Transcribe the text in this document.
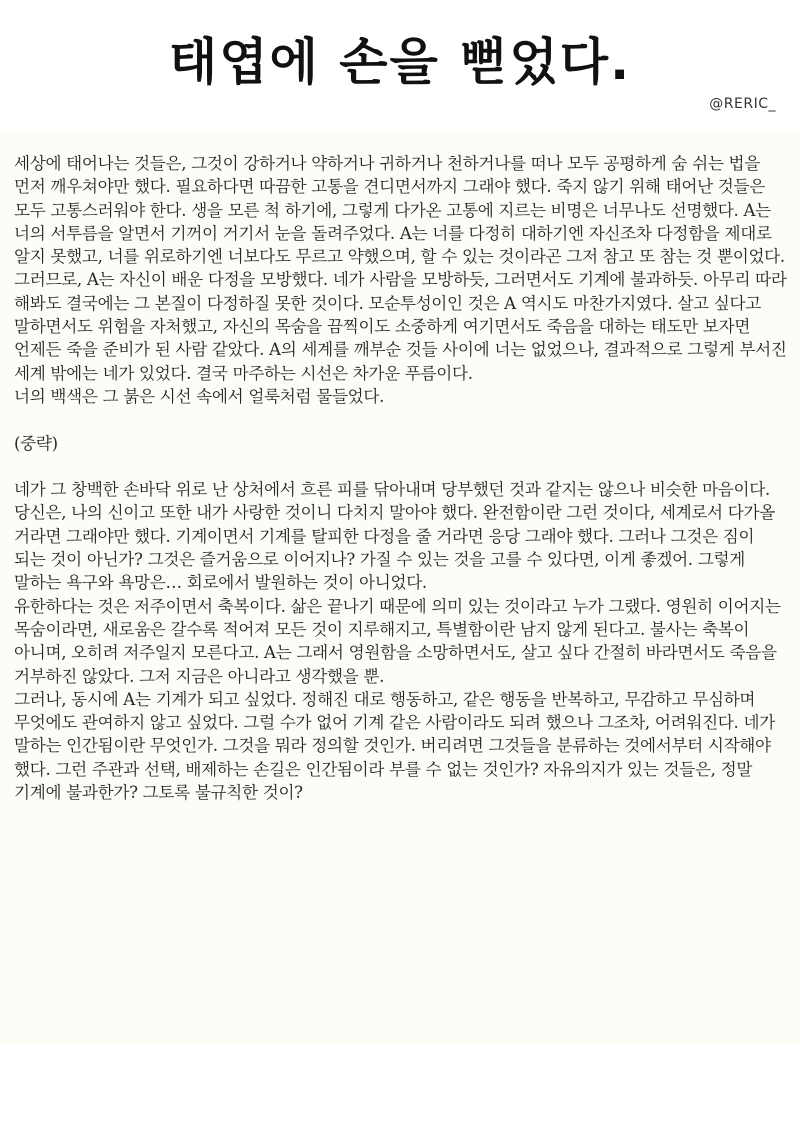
태엽에 손을 뻗었다.
@RERIC_

세상에 태어나는 것들은, 그것이 강하거나 약하거나 귀하거나 천하거나를 떠나 모두 공평하게 숨 쉬는 법을 먼저 깨우쳐야만 했다. 필요하다면 따끔한 고통을 견디면서까지 그래야 했다. 죽지 않기 위해 태어난 것들은 모두 고통스러워야 한다. 생을 모른 척 하기에, 그렇게 다가온 고통에 지르는 비명은 너무나도 선명했다. A는 너의 서투름을 알면서 기꺼이 거기서 눈을 돌려주었다. A는 너를 다정히 대하기엔 자신조차 다정함을 제대로 알지 못했고, 너를 위로하기엔 너보다도 무르고 약했으며, 할 수 있는 것이라곤 그저 참고 또 참는 것 뿐이었다.

그러므로, A는 자신이 배운 다정을 모방했다. 네가 사람을 모방하듯, 그러면서도 기계에 불과하듯. 아무리 따라 해봐도 결국에는 그 본질이 다정하질 못한 것이다. 모순투성이인 것은 A 역시도 마찬가지였다. 살고 싶다고 말하면서도 위험을 자처했고, 자신의 목숨을 끔찍이도 소중하게 여기면서도 죽음을 대하는 태도만 보자면 언제든 죽을 준비가 된 사람 같았다. A의 세계를 깨부순 것들 사이에 너는 없었으나, 결과적으로 그렇게 부서진 세계 밖에는 네가 있었다. 결국 마주하는 시선은 차가운 푸름이다.

너의 백색은 그 붉은 시선 속에서 얼룩처럼 물들었다.

(중략)

네가 그 창백한 손바닥 위로 난 상처에서 흐른 피를 닦아내며 당부했던 것과 같지는 않으나 비슷한 마음이다. 당신은, 나의 신이고 또한 내가 사랑한 것이니 다치지 말아야 했다. 완전함이란 그런 것이다, 세계로서 다가올 거라면 그래야만 했다. 기계이면서 기계를 탈피한 다정을 줄 거라면 응당 그래야 했다. 그러나 그것은 짐이 되는 것이 아닌가? 그것은 즐거움으로 이어지나? 가질 수 있는 것을 고를 수 있다면, 이게 좋겠어. 그렇게 말하는 욕구와 욕망은… 회로에서 발원하는 것이 아니었다.

유한하다는 것은 저주이면서 축복이다. 삶은 끝나기 때문에 의미 있는 것이라고 누가 그랬다. 영원히 이어지는 목숨이라면, 새로움은 갈수록 적어져 모든 것이 지루해지고, 특별함이란 남지 않게 된다고. 불사는 축복이 아니며, 오히려 저주일지 모른다고. A는 그래서 영원함을 소망하면서도, 살고 싶다 간절히 바라면서도 죽음을 거부하진 않았다. 그저 지금은 아니라고 생각했을 뿐.

그러나, 동시에 A는 기계가 되고 싶었다. 정해진 대로 행동하고, 같은 행동을 반복하고, 무감하고 무심하며 무엇에도 관여하지 않고 싶었다. 그럴 수가 없어 기계 같은 사람이라도 되려 했으나 그조차, 어려워진다. 네가 말하는 인간됨이란 무엇인가. 그것을 뭐라 정의할 것인가. 버리려면 그것들을 분류하는 것에서부터 시작해야 했다. 그런 주관과 선택, 배제하는 손길은 인간됨이라 부를 수 없는 것인가? 자유의지가 있는 것들은, 정말 기계에 불과한가? 그토록 불규칙한 것이?
